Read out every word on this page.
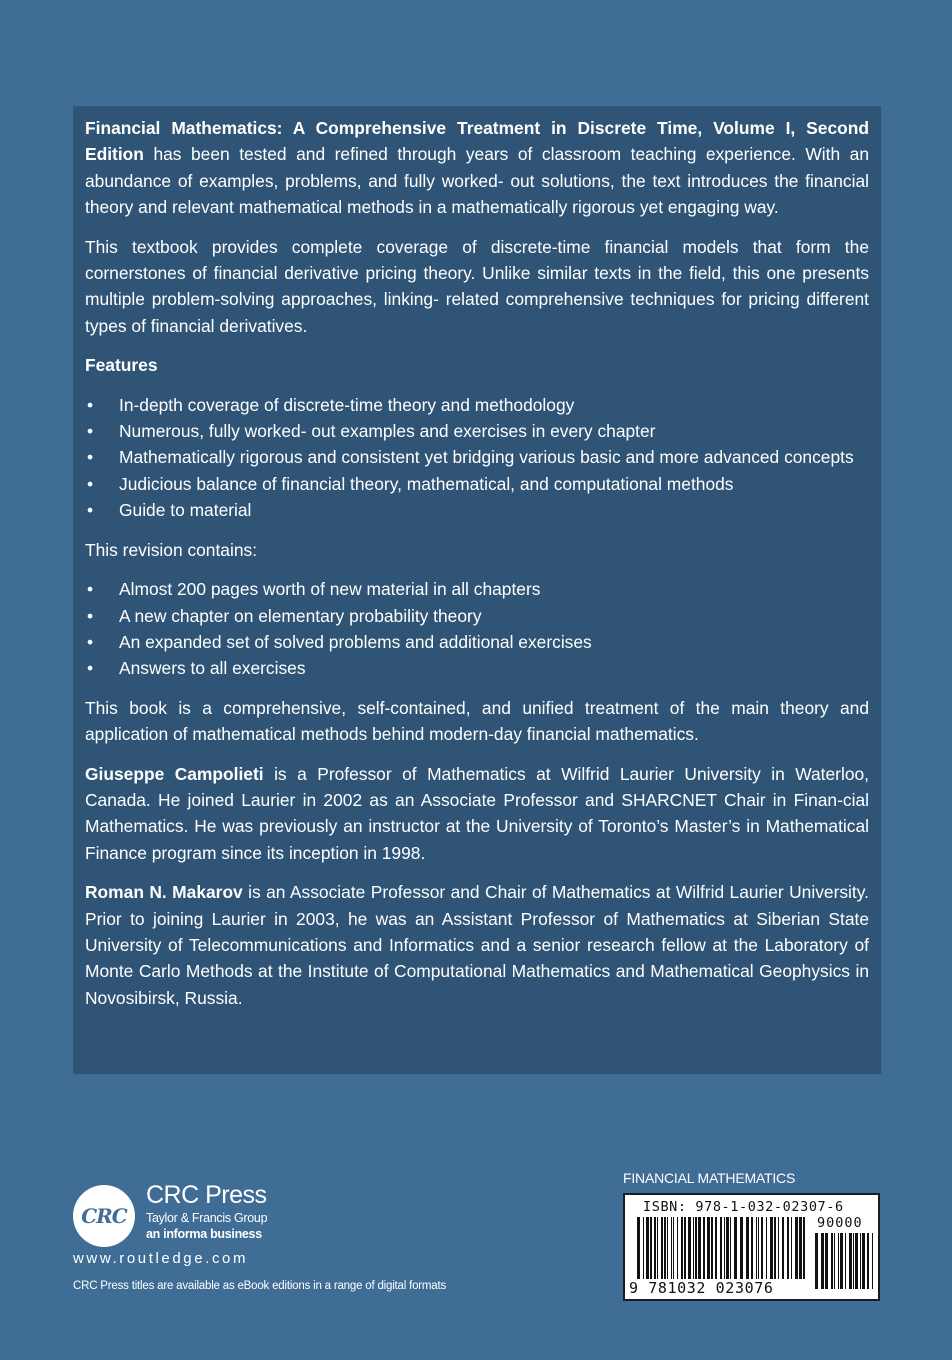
Financial Mathematics: A Comprehensive Treatment in Discrete Time, Volume I, Second Edition has been tested and refined through years of classroom teaching experience. With an abundance of examples, problems, and fully worked- out solutions, the text introduces the financial theory and relevant mathematical methods in a mathematically rigorous yet engaging way.

This textbook provides complete coverage of discrete-time financial models that form the cornerstones of financial derivative pricing theory. Unlike similar texts in the field, this one presents multiple problem-solving approaches, linking- related comprehensive techniques for pricing different types of financial derivatives.

Features
• In-depth coverage of discrete-time theory and methodology
• Numerous, fully worked- out examples and exercises in every chapter
• Mathematically rigorous and consistent yet bridging various basic and more advanced concepts
• Judicious balance of financial theory, mathematical, and computational methods
• Guide to material
This revision contains:
• Almost 200 pages worth of new material in all chapters
• A new chapter on elementary probability theory
• An expanded set of solved problems and additional exercises
• Answers to all exercises

This book is a comprehensive, self-contained, and unified treatment of the main theory and application of mathematical methods behind modern-day financial mathematics.

Giuseppe Campolieti is a Professor of Mathematics at Wilfrid Laurier University in Waterloo, Canada. He joined Laurier in 2002 as an Associate Professor and SHARCNET Chair in Finan-cial Mathematics. He was previously an instructor at the University of Toronto’s Master’s in Mathematical Finance program since its inception in 1998.

Roman N. Makarov is an Associate Professor and Chair of Mathematics at Wilfrid Laurier University. Prior to joining Laurier in 2003, he was an Assistant Professor of Mathematics at Siberian State University of Telecommunications and Informatics and a senior research fellow at the Laboratory of Monte Carlo Methods at the Institute of Computational Mathematics and Mathematical Geophysics in Novosibirsk, Russia.

CRC
CRC Press
Taylor & Francis Group
an informa business
www.routledge.com
CRC Press titles are available as eBook editions in a range of digital formats
FINANCIAL MATHEMATICS
ISBN: 978-1-032-02307-6
90000
9 781032 023076
